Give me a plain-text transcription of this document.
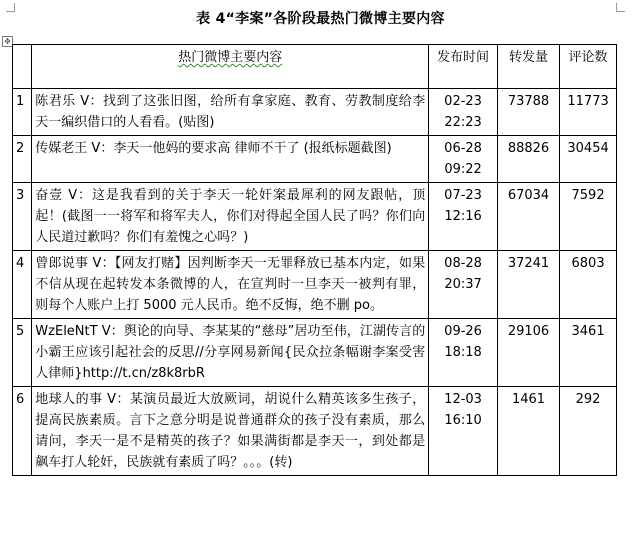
表 4“李案”各阶段最热门微博主要内容
✥
	热门微博主要内容	发布时间	转发量	评论数
1	陈君乐 V：找到了这张旧图，给所有拿家庭、教育、劳教制度给李天一编织借口的人看看。(贴图)	02-23 22:23	73788	11773
2	传媒老王 V：李天一他妈的要求高 律师不干了 (报纸标题截图)	06-28 09:22	88826	30454
3	奋壹 V：这是我看到的关于李天一轮奸案最犀利的网友跟帖，顶起！(截图一一将军和将军夫人，你们对得起全国人民了吗？你们向人民道过歉吗？你们有羞愧之心吗？)	07-23 12:16	67034	7592
4	曾郎说事 V：【网友打赌】因判断李天一无罪释放已基本内定，如果不信从现在起转发本条微博的人，在宣判时一旦李天一被判有罪，则每个人账户上打 5000 元人民币。绝不反悔，绝不删 po。	08-28 20:37	37241	6803
5	WzEleNtT V：舆论的向导、李某某的“慈母”居功至伟，江湖传言的小霸王应该引起社会的反思//分享网易新闻{民众拉条幅谢李案受害人律师}http://t.cn/z8k8rbR	09-26 18:18	29106	3461
6	地球人的事 V：某演员最近大放厥词，胡说什么精英该多生孩子，提高民族素质。言下之意分明是说普通群众的孩子没有素质，那么请问，李天一是不是精英的孩子？如果满街都是李天一，到处都是飙车打人轮奸，民族就有素质了吗？。。。(转)	12-03 16:10	1461	292
